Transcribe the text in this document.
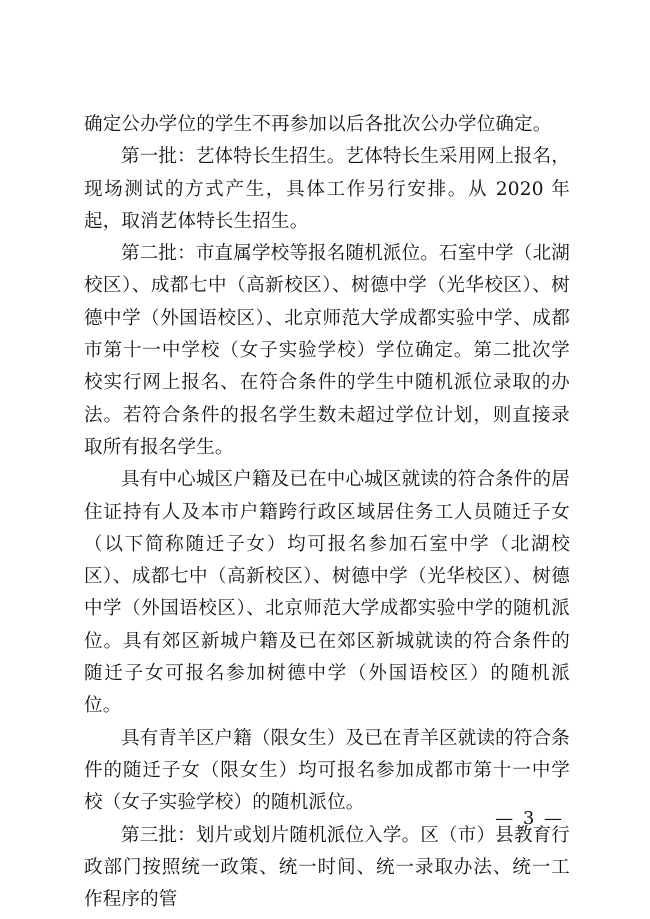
确定公办学位的学生不再参加以后各批次公办学位确定。

第一批：艺体特长生招生。艺体特长生采用网上报名，现场测试的方式产生，具体工作另行安排。从 2020 年起，取消艺体特长生招生。

第二批：市直属学校等报名随机派位。石室中学（北湖校区）、成都七中（高新校区）、树德中学（光华校区）、树德中学（外国语校区）、北京师范大学成都实验中学、成都市第十一中学校（女子实验学校）学位确定。第二批次学校实行网上报名、在符合条件的学生中随机派位录取的办法。若符合条件的报名学生数未超过学位计划，则直接录取所有报名学生。

具有中心城区户籍及已在中心城区就读的符合条件的居住证持有人及本市户籍跨行政区域居住务工人员随迁子女（以下简称随迁子女）均可报名参加石室中学（北湖校区）、成都七中（高新校区）、树德中学（光华校区）、树德中学（外国语校区）、北京师范大学成都实验中学的随机派位。具有郊区新城户籍及已在郊区新城就读的符合条件的随迁子女可报名参加树德中学（外国语校区）的随机派位。

具有青羊区户籍（限女生）及已在青羊区就读的符合条件的随迁子女（限女生）均可报名参加成都市第十一中学校（女子实验学校）的随机派位。

第三批：划片或划片随机派位入学。区（市）县教育行政部门按照统一政策、统一时间、统一录取办法、统一工作程序的管

— 3 —
